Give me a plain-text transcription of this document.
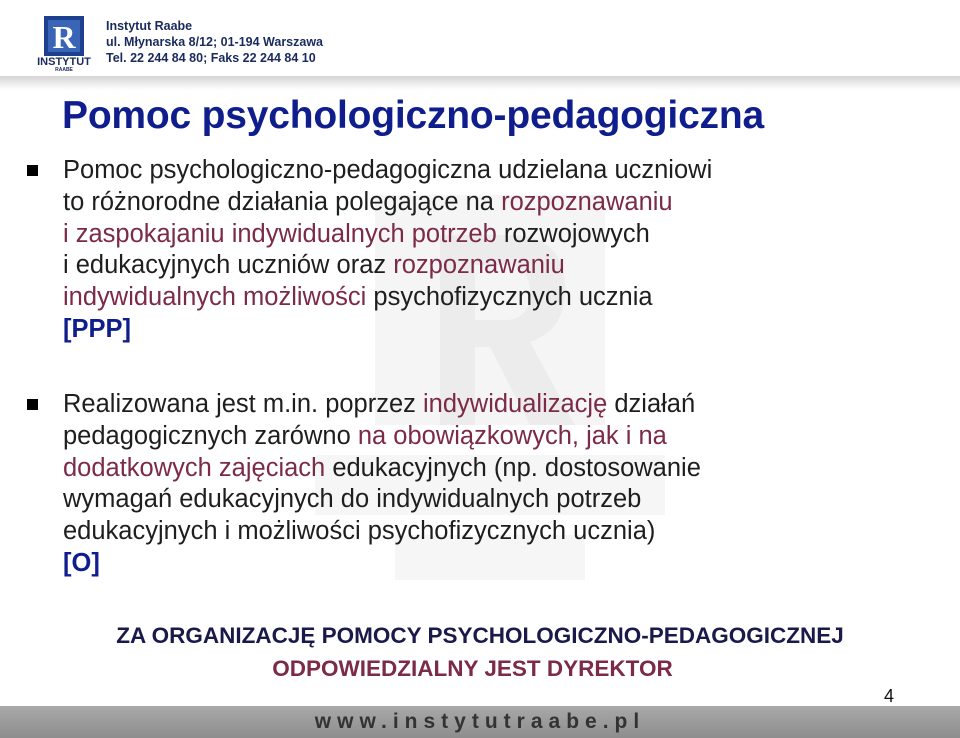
R
INSTYTUT
RAABE
Instytut Raabe
ul. Młynarska 8/12; 01-194 Warszawa
Tel. 22 244 84 80; Faks 22 244 84 10
Pomoc psychologiczno-pedagogiczna
Pomoc psychologiczno-pedagogiczna udzielana uczniowi
to różnorodne działania polegające na rozpoznawaniu
i zaspokajaniu indywidualnych potrzeb rozwojowych
i edukacyjnych uczniów oraz rozpoznawaniu
indywidualnych możliwości psychofizycznych ucznia
[PPP]
Realizowana jest m.in. poprzez indywidualizację działań
pedagogicznych zarówno na obowiązkowych, jak i na
dodatkowych zajęciach edukacyjnych (np. dostosowanie
wymagań edukacyjnych do indywidualnych potrzeb
edukacyjnych i możliwości psychofizycznych ucznia)
[O]
ZA ORGANIZACJĘ POMOCY PSYCHOLOGICZNO-PEDAGOGICZNEJ
ODPOWIEDZIALNY JEST DYREKTOR
4
www.instytutraabe.pl
